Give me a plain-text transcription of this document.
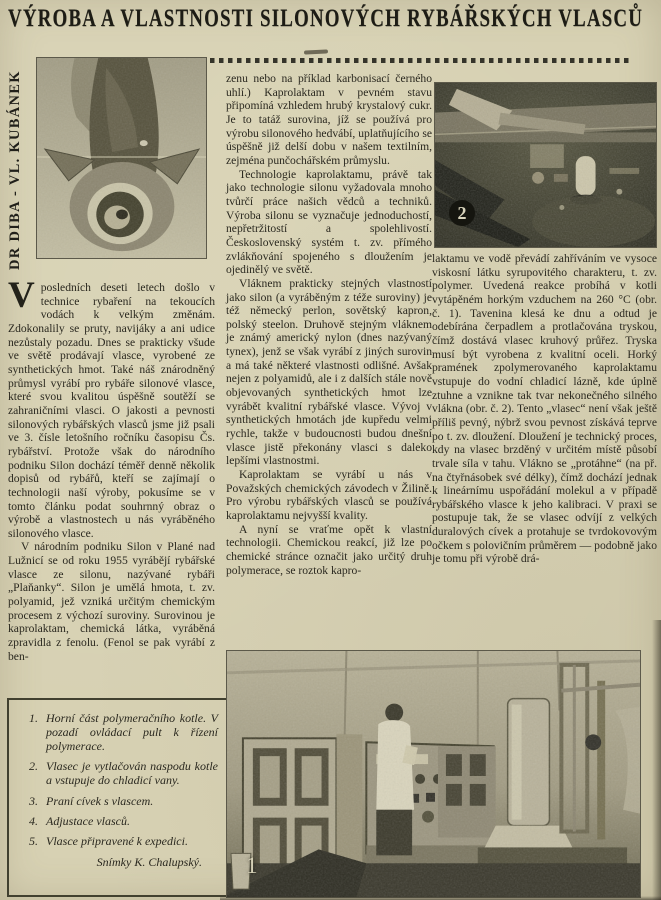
VÝROBA A VLASTNOSTI SILONOVÝCH RYBÁŘSKÝCH VLASCŮ
DR DIBA - VL. KUBÁNEK

Vposledních deseti letech došlo v technice rybaření na tekoucích vodách k velkým změnám. Zdokonalily se pruty, navijáky a ani udice nezůstaly pozadu. Dnes se prakticky všude ve světě prodávají vlasce, vyrobené ze synthetických hmot. Také náš znárodněný průmysl vyrábí pro rybáře silonové vlasce, které svou kvalitou úspěšně soutěží se zahraničními vlasci. O jakosti a pevnosti silonových rybářských vlasců jsme již psali ve 3. čísle letošního ročníku časopisu Čs. rybářství. Protože však do národního podniku Silon dochází téměř denně několik dopisů od rybářů, kteří se zajímají o technologii naší výroby, pokusíme se v tomto článku podat souhrnný obraz o výrobě a vlastnostech u nás vyráběného silonového vlasce.

V národním podniku Silon v Plané nad Lužnicí se od roku 1955 vyrábějí rybářské vlasce ze silonu, nazývané rybáři „Plaňanky“. Silon je umělá hmota, t. zv. polyamid, jež vzniká určitým chemickým procesem z výchozí suroviny. Surovinou je kaprolaktam, chemická látka, vyráběná zpravidla z fenolu. (Fenol se pak vyrábí z ben-

zenu nebo na příklad karbonisací černého uhlí.) Kaprolaktam v pevném stavu připomíná vzhledem hrubý krystalový cukr. Je to tatáž surovina, jíž se používá pro výrobu silonového hedvábí, uplatňujícího se úspěšně již delší dobu v našem textilním, zejména punčochářském průmyslu.

Technologie kaprolaktamu, právě tak jako technologie silonu vyžadovala mnoho tvůrčí práce našich vědců a techniků. Výroba silonu se vyznačuje jednoduchostí, nepřetržitostí a spolehlivostí. Československý systém t. zv. přímého zvlákňování spojeného s dloužením je ojedinělý ve světě.

Vláknem prakticky stejných vlastností jako silon (a vyráběným z téže suroviny) je též německý perlon, sovětský kapron, polský steelon. Druhově stejným vláknem je známý americký nylon (dnes nazývaný tynex), jenž se však vyrábí z jiných surovin a má také některé vlastnosti odlišné. Avšak nejen z polyamidů, ale i z dalších stále nově objevovaných synthetických hmot lze vyrábět kvalitní rybářské vlasce. Vývoj v synthetických hmotách jde kupředu velmi rychle, takže v budoucnosti budou dnešní vlasce jistě překonány vlasci s daleko lepšími vlastnostmi.

Kaprolaktam se vyrábí u nás v Považských chemických závodech v Žilině. Pro výrobu rybářských vlasců se používá kaprolaktamu nejvyšší kvality.

A nyní se vraťme opět k vlastní technologii. Chemickou reakcí, již lze po chemické stránce označit jako určitý druh polymerace, se roztok kapro-

laktamu ve vodě převádí zahříváním ve vysoce viskosní látku syrupovitého charakteru, t. zv. polymer. Uvedená reakce probíhá v kotli vytápěném horkým vzduchem na 260 °C (obr. č. 1). Tavenina klesá ke dnu a odtud je odebírána čerpadlem a protlačována tryskou, čímž dostává vlasec kruhový průřez. Tryska musí být vyrobena z kvalitní oceli. Horký pramének zpolymerovaného kaprolaktamu vstupuje do vodní chladicí lázně, kde úplně ztuhne a vznikne tak tvar nekonečného silného vlákna (obr. č. 2). Tento „vlasec“ není však ještě příliš pevný, nýbrž svou pevnost získává teprve po t. zv. dloužení. Dloužení je technický proces, kdy na vlasec brzděný v určitém místě působí trvale síla v tahu. Vlákno se „protáhne“ (na př. na čtyřnásobek své délky), čímž dochází jednak k lineárnímu uspořádání molekul a v případě rybářského vlasce k jeho kalibraci. V praxi se postupuje tak, že se vlasec odvíjí z velkých duralových cívek a protahuje se tvrdokovovým očkem s polovičním průměrem — podobně jako je tomu při výrobě drá-

1. Horní část polymeračního kotle. V pozadí ovládací pult k řízení polymerace.
2. Vlasec je vytlačován naspodu kotle a vstupuje do chladicí vany.
3. Praní cívek s vlascem.
4. Adjustace vlasců.
5. Vlasce připravené k expedici.
Snímky K. Chalupský.
2
1
